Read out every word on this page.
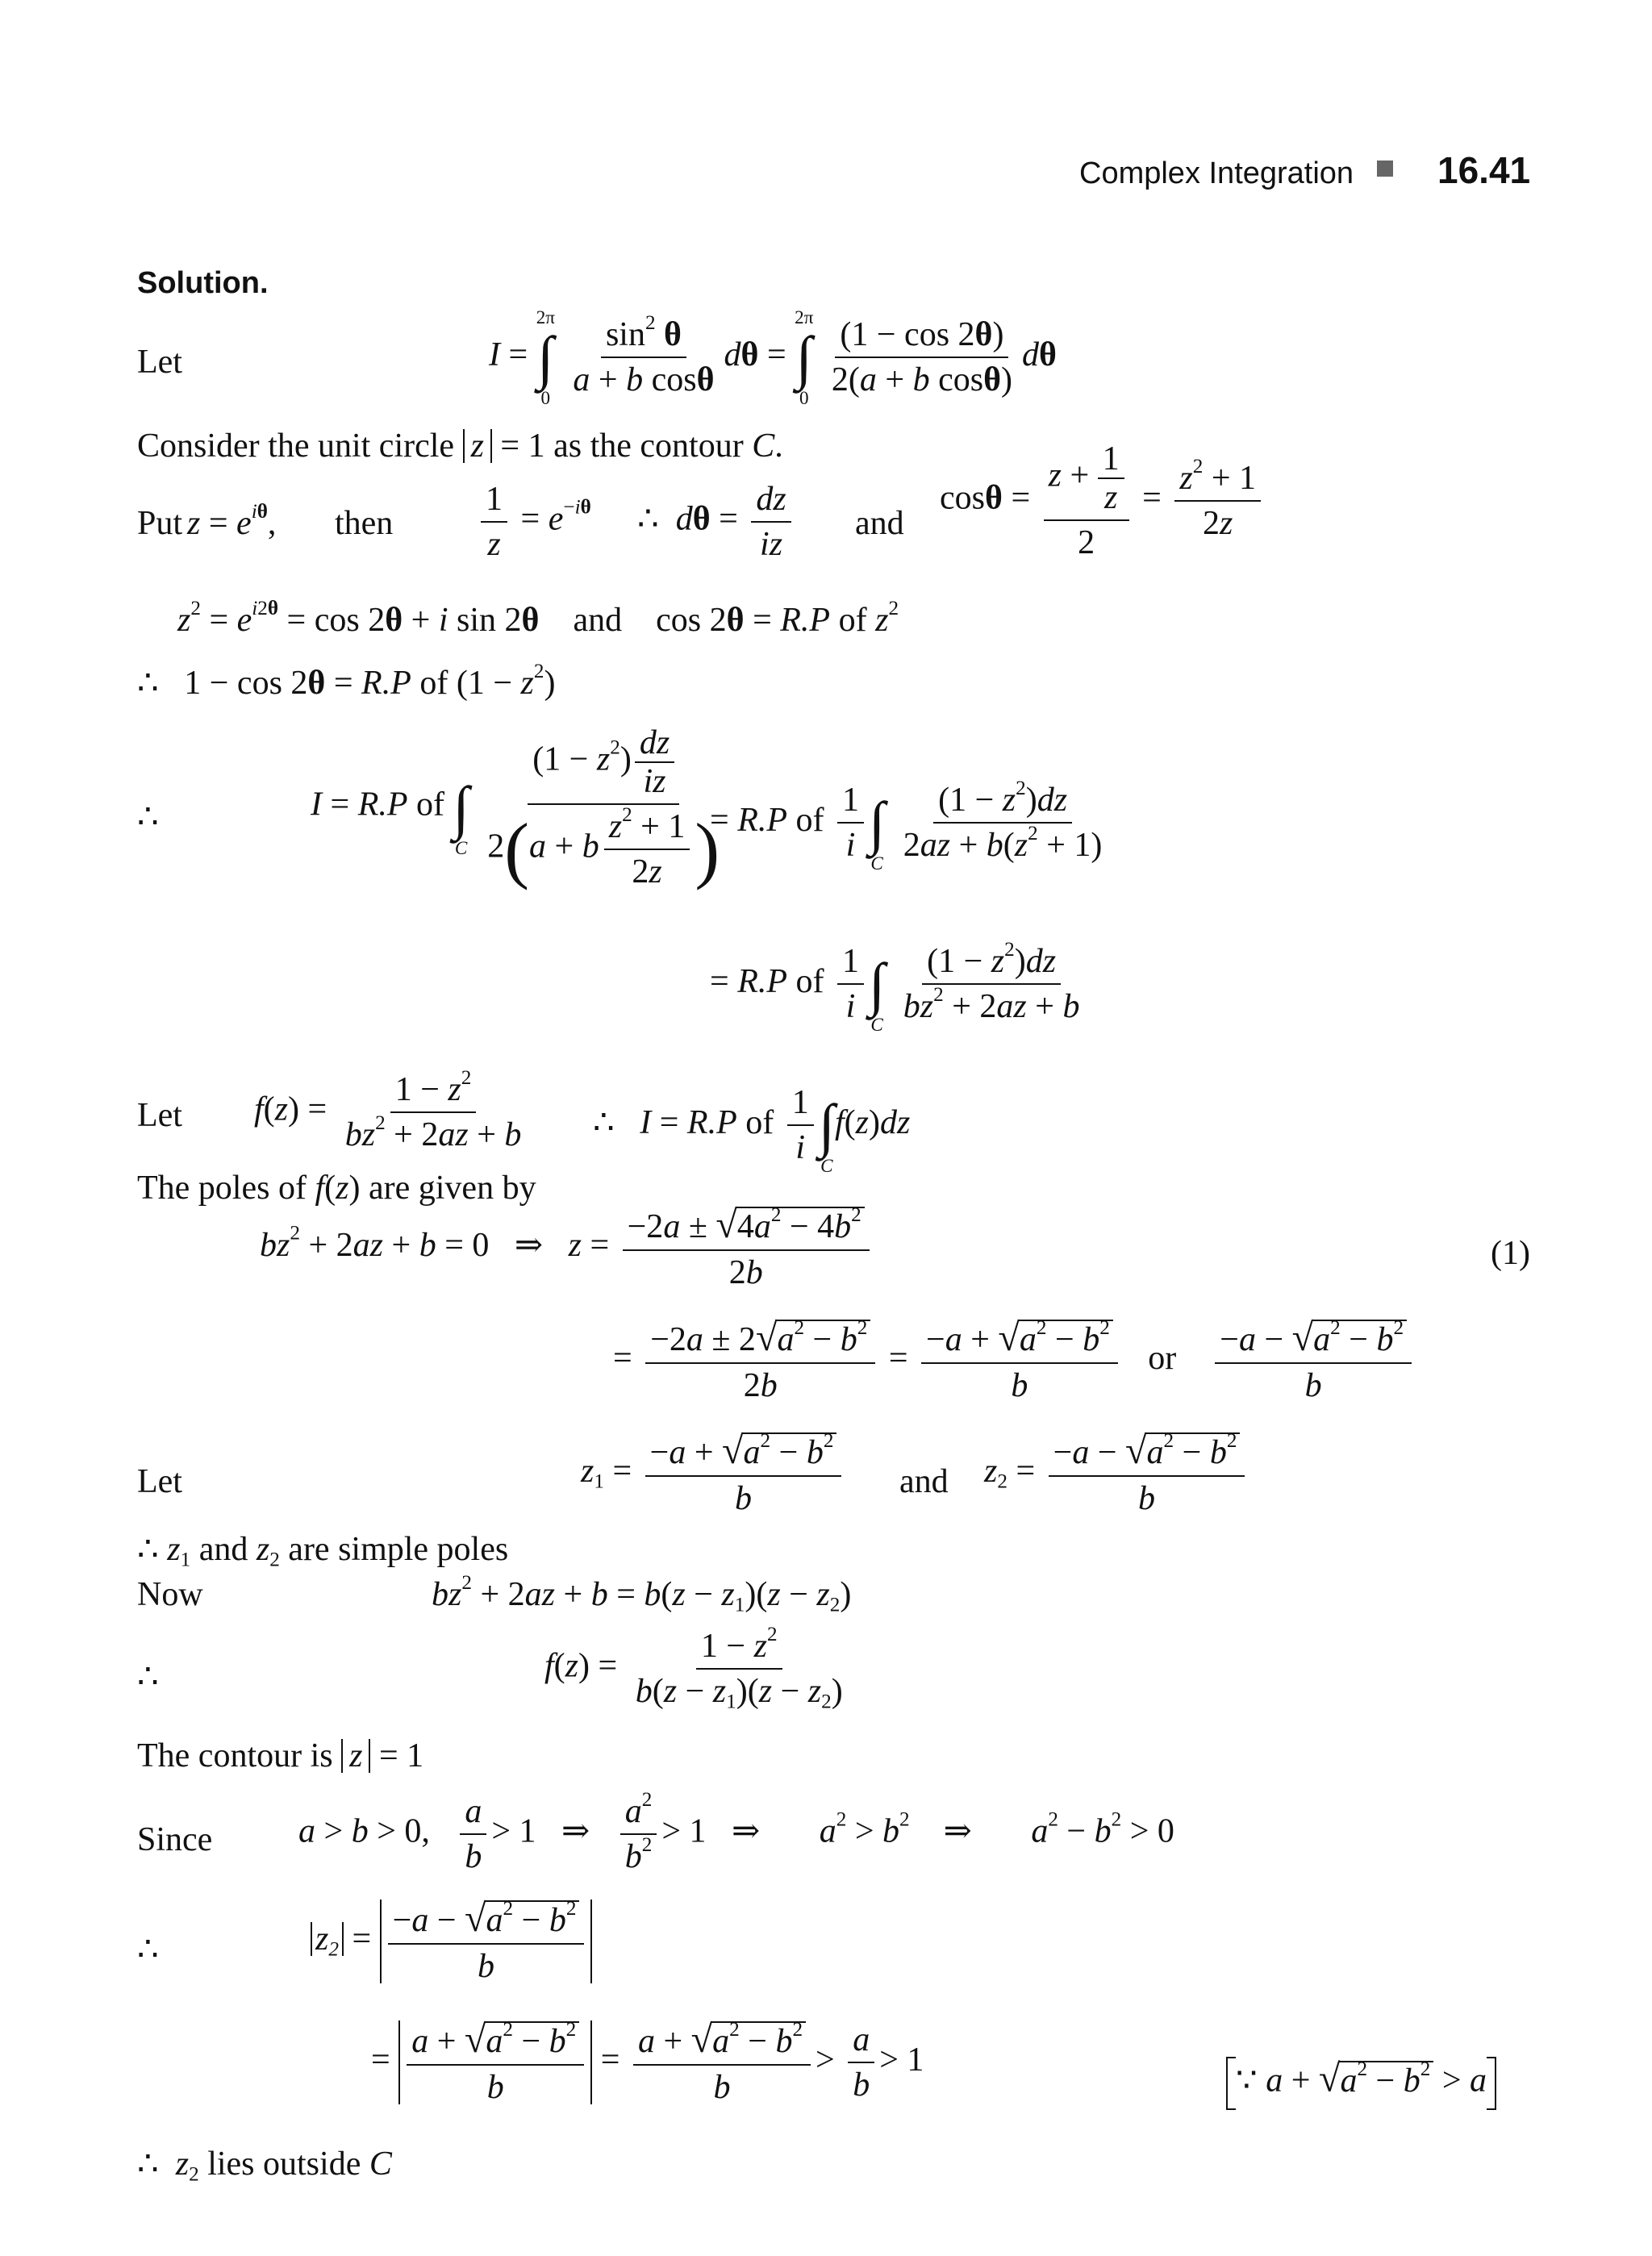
Complex Integration 16.41
Solution.
Let	I =
2π
∫
0

$\frac{\sin^2 \theta}{\text{a + b cosθ}}$ dθ =
2π
∫
0

$\frac{(1 - \cos 2\theta)}{\text{2(a + b cosθ)}}$ dθ
Consider the unit circle z = 1 as the contour C.
Put $z = e^{i\theta}$, then	$\frac{1}{z} = e^{-i\theta}$ ∴  $d\theta = \frac{dz}{iz}$ and
$\cos\theta = \frac{z + \frac{1}{z}}{2} = \frac{z^2 + 1}{2z}$
$z^2 = e^{i2\theta} = \cos 2\theta + i$ sin 2θ and    cos 2θ = R.P of $z^2$
∴   1 − cos 2θ = R.P of $(1 - z^2)$
∴	I = R.P of
∫
C
$\frac{(1 - z^2) \frac{dz}{iz}}{2(a + b \frac{z^2 + 1}{2z} )}$
= R.P of $\frac{1}{i}$
∫
C

$\frac{(1 - z^2)dz}{2az + b(z^2 + 1)}$
= R.P of $\frac{1}{i}$
∫
C

$\frac{(1 - z^2)dz}{bz^2 + 2az + b}$
Let $f(z) = \frac{1 - z^2}{bz^2 + 2az + b}$ ∴   I = R.P of $\frac{1}{i}$
∫
C
f(z)dz
The poles of f(z) are given by
$bz^2 + 2az + b = 0$   ⇒   $z = \frac{-2a \pm √4a^2 - 4b^2}{2b}$	(1)
= $\frac{-2a \pm 2√a^2 - b^2}{2b} = \frac{-a + √a^2 - b^2}{b}$ or $\frac{-a - √a^2 - b^2}{b}$
Let	$z_1 = \frac{-a + √a^2 - b^2}{b}$ and $z_2 = \frac{-a - √a^2 - b^2}{b}$
∴ $z_1$ and $z_2$ are simple poles
Now	$bz^2 + 2az + b = b(z - z_1)(z - z_2)$
∴	$f(z) = \frac{1 - z^2}{b(z - z_1)(z - z_2)}$
The contour is z = 1
Since	a > b > 0, $\frac{a}{b} > 1$   ⇒ $\frac{a^2}{b^2} > 1$   ⇒       $a^2 > b^2$    ⇒       $a^2 - b^2 > 0$
∴	$z_2 = \frac{-a - √a^2 - b^2}{b}$
= $\frac{a + √a^2 - b^2}{b} = \frac{a + √a^2 - b^2}{b} > \frac{a}{b} > 1$
∵ $a + √a^2 - b^2 > a$
∴ $z_2$ lies outside C
